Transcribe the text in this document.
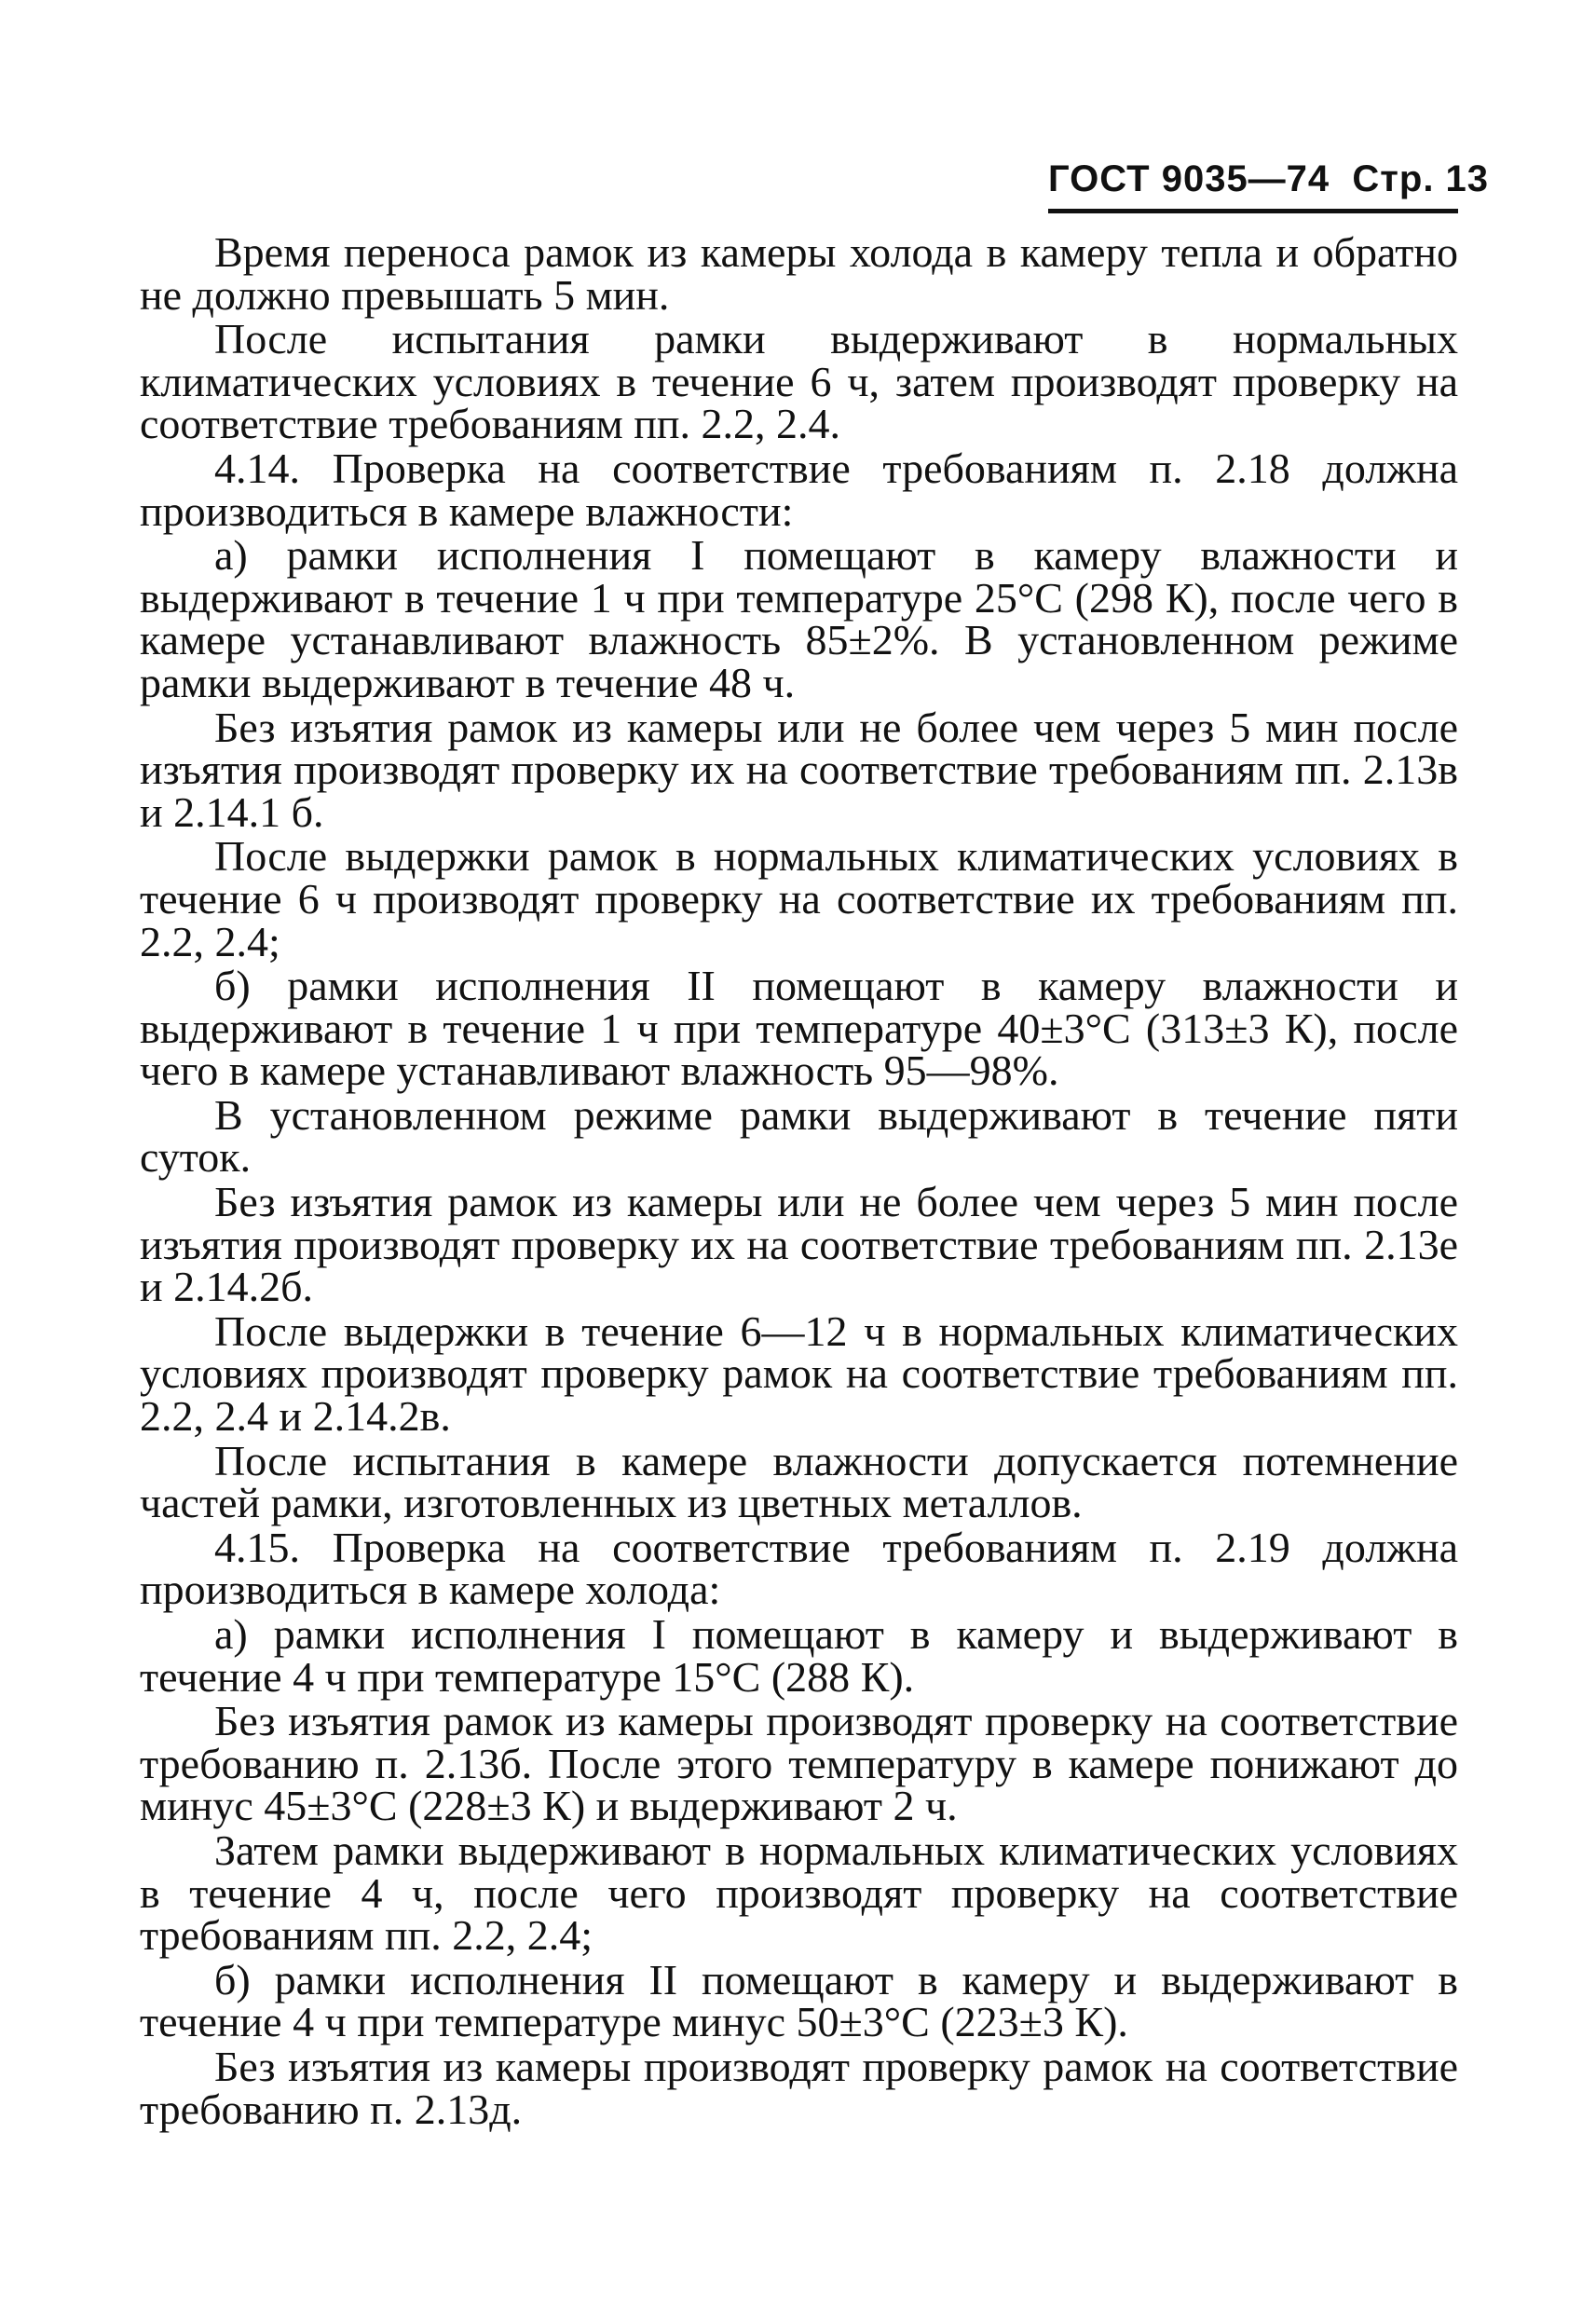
ГОСТ 9035—74 Стр. 13

Время переноса рамок из камеры холода в камеру тепла и обратно не должно превышать 5 мин.

После испытания рамки выдерживают в нормальных климатических условиях в течение 6 ч, затем производят проверку на соответствие требованиям пп. 2.2, 2.4.

4.14. Проверка на соответствие требованиям п. 2.18 должна производиться в камере влажности:

а) рамки исполнения I помещают в камеру влажности и выдерживают в течение 1 ч при температуре 25°С (298 К), после чего в камере устанавливают влажность 85±2%. В установленном режиме рамки выдерживают в течение 48 ч.

Без изъятия рамок из камеры или не более чем через 5 мин после изъятия производят проверку их на соответствие требованиям пп. 2.13в и 2.14.1 б.

После выдержки рамок в нормальных климатических условиях в течение 6 ч производят проверку на соответствие их требованиям пп. 2.2, 2.4;

б) рамки исполнения II помещают в камеру влажности и выдерживают в течение 1 ч при температуре 40±3°С (313±3 К), после чего в камере устанавливают влажность 95—98%.

В установленном режиме рамки выдерживают в течение пяти суток.

Без изъятия рамок из камеры или не более чем через 5 мин после изъятия производят проверку их на соответствие требованиям пп. 2.13е и 2.14.2б.

После выдержки в течение 6—12 ч в нормальных климатических условиях производят проверку рамок на соответствие требованиям пп. 2.2, 2.4 и 2.14.2в.

После испытания в камере влажности допускается потемнение частей рамки, изготовленных из цветных металлов.

4.15. Проверка на соответствие требованиям п. 2.19 должна производиться в камере холода:

а) рамки исполнения I помещают в камеру и выдерживают в течение 4 ч при температуре 15°С (288 К).

Без изъятия рамок из камеры производят проверку на соответствие требованию п. 2.13б. После этого температуру в камере понижают до минус 45±3°С (228±3 К) и выдерживают 2 ч.

Затем рамки выдерживают в нормальных климатических условиях в течение 4 ч, после чего производят проверку на соответствие требованиям пп. 2.2, 2.4;

б) рамки исполнения II помещают в камеру и выдерживают в течение 4 ч при температуре минус 50±3°С (223±3 К).

Без изъятия из камеры производят проверку рамок на соответствие требованию п. 2.13д.
